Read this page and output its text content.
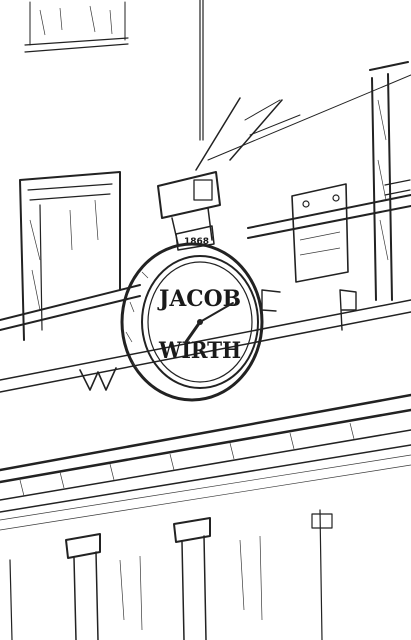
1868
JACOB
WIRTH
